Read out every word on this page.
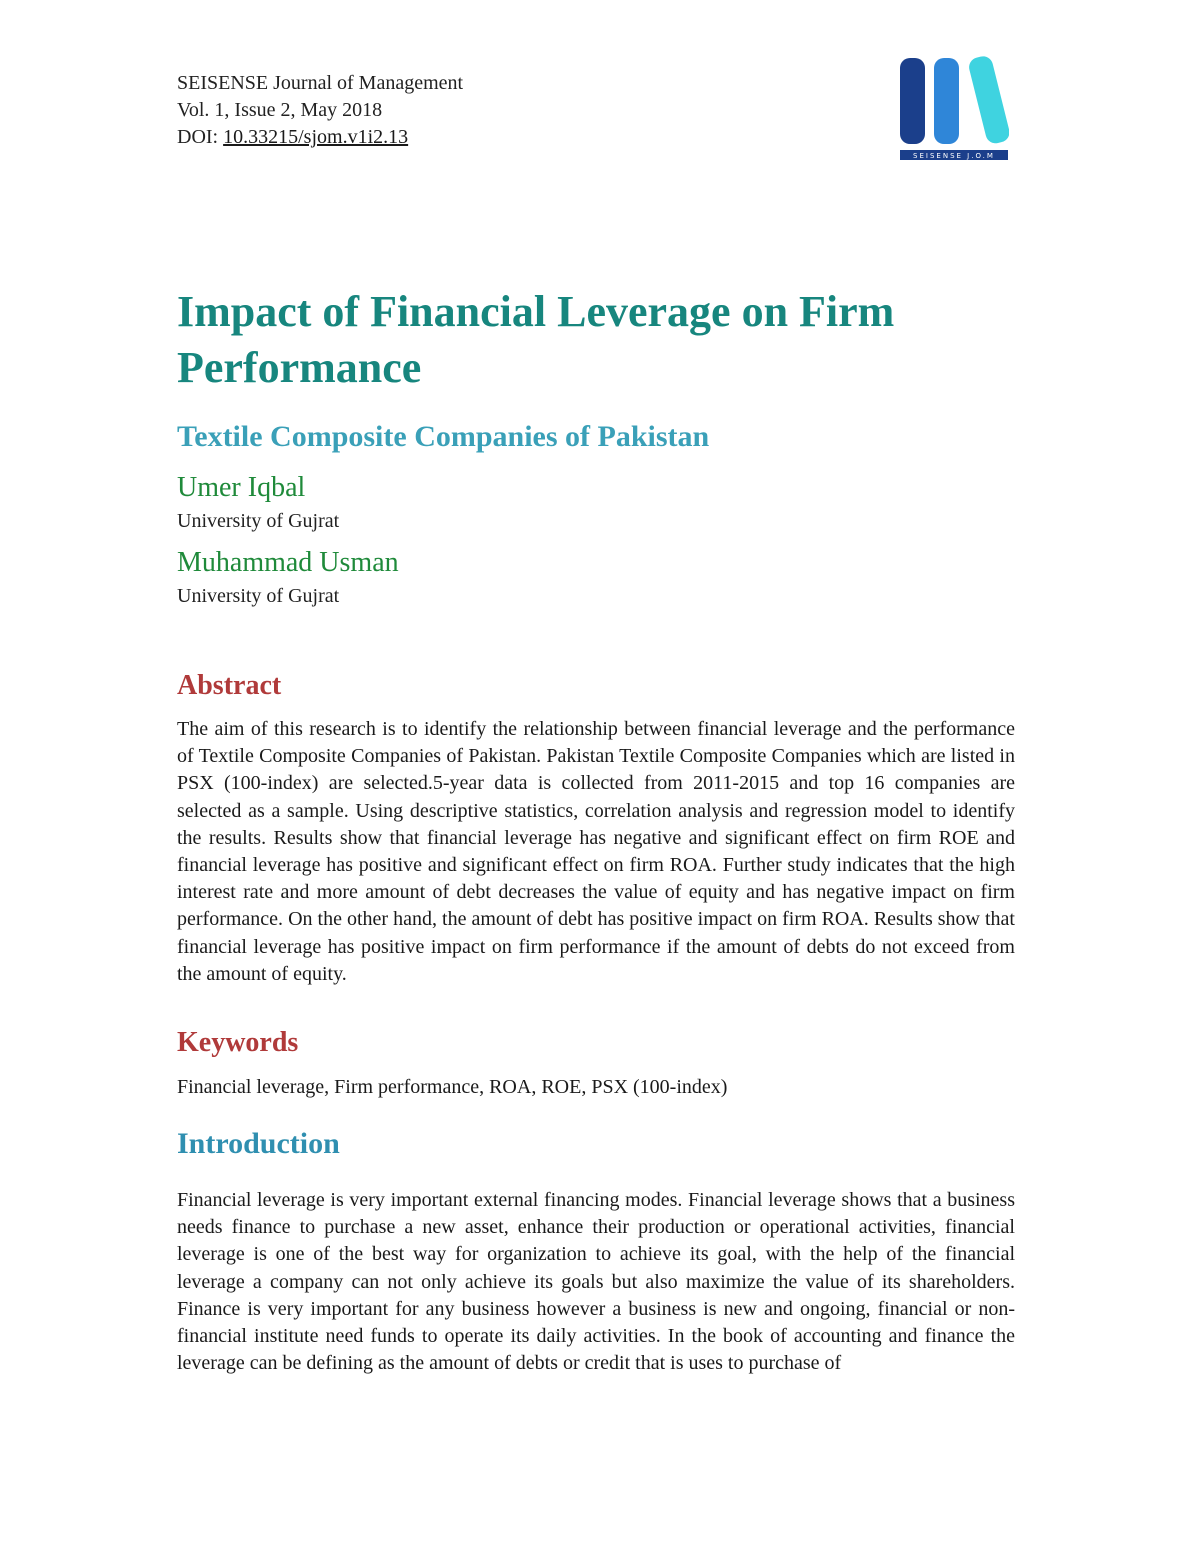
SEISENSE Journal of Management
Vol. 1, Issue 2, May 2018
DOI: 10.33215/sjom.v1i2.13
SEISENSE J.O.M
Impact of Financial Leverage on Firm Performance
Textile Composite Companies of Pakistan

Umer Iqbal

University of Gujrat

Muhammad Usman

University of Gujrat

Abstract

The aim of this research is to identify the relationship between financial leverage and the performance of Textile Composite Companies of Pakistan. Pakistan Textile Composite Companies which are listed in PSX (100-index) are selected.5-year data is collected from 2011-2015 and top 16 companies are selected as a sample. Using descriptive statistics, correlation analysis and regression model to identify the results. Results show that financial leverage has negative and significant effect on firm ROE and financial leverage has positive and significant effect on firm ROA. Further study indicates that the high interest rate and more amount of debt decreases the value of equity and has negative impact on firm performance. On the other hand, the amount of debt has positive impact on firm ROA. Results show that financial leverage has positive impact on firm performance if the amount of debts do not exceed from the amount of equity.

Keywords

Financial leverage, Firm performance, ROA, ROE, PSX (100-index)

Introduction

Financial leverage is very important external financing modes. Financial leverage shows that a business needs finance to purchase a new asset, enhance their production or operational activities, financial leverage is one of the best way for organization to achieve its goal, with the help of the financial leverage a company can not only achieve its goals but also maximize the value of its shareholders. Finance is very important for any business however a business is new and ongoing, financial or non-financial institute need funds to operate its daily activities. In the book of accounting and finance the leverage can be defining as the amount of debts or credit that is uses to purchase of
